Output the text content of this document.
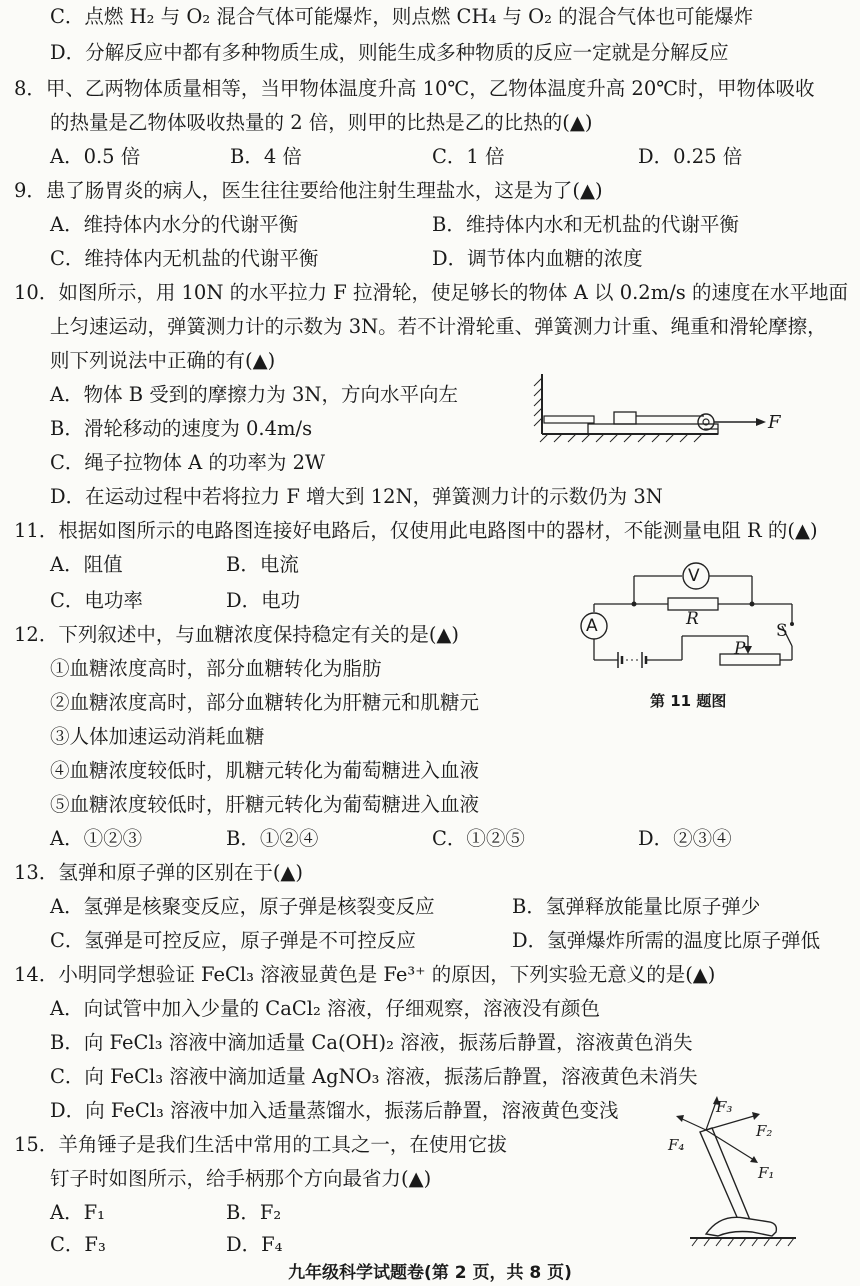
C．点燃 H₂ 与 O₂ 混合气体可能爆炸，则点燃 CH₄ 与 O₂ 的混合气体也可能爆炸
D．分解反应中都有多种物质生成，则能生成多种物质的反应一定就是分解反应
8．甲、乙两物体质量相等，当甲物体温度升高 10℃，乙物体温度升高 20℃时，甲物体吸收
的热量是乙物体吸收热量的 2 倍，则甲的比热是乙的比热的(▲)
A．0.5 倍	B．4 倍	C．1 倍	D．0.25 倍
9．患了肠胃炎的病人，医生往往要给他注射生理盐水，这是为了(▲)
A．维持体内水分的代谢平衡	B．维持体内水和无机盐的代谢平衡
C．维持体内无机盐的代谢平衡	D．调节体内血糖的浓度
10．如图所示，用 10N 的水平拉力 F 拉滑轮，使足够长的物体 A 以 0.2m/s 的速度在水平地面
上匀速运动，弹簧测力计的示数为 3N。若不计滑轮重、弹簧测力计重、绳重和滑轮摩擦，
则下列说法中正确的有(▲)
A．物体 B 受到的摩擦力为 3N，方向水平向左
B．滑轮移动的速度为 0.4m/s
C．绳子拉物体 A 的功率为 2W
D．在运动过程中若将拉力 F 增大到 12N，弹簧测力计的示数仍为 3N
F
11．根据如图所示的电路图连接好电路后，仅使用此电路图中的器材，不能测量电阻 R 的(▲)
A．阻值	B．电流
C．电功率	D．电功
V
A	R
P
S
第 11 题图
12．下列叙述中，与血糖浓度保持稳定有关的是(▲)
①血糖浓度高时，部分血糖转化为脂肪
②血糖浓度高时，部分血糖转化为肝糖元和肌糖元
③人体加速运动消耗血糖
④血糖浓度较低时，肌糖元转化为葡萄糖进入血液
⑤血糖浓度较低时，肝糖元转化为葡萄糖进入血液
A．①②③	B．①②④	C．①②⑤	D．②③④
13．氢弹和原子弹的区别在于(▲)
A．氢弹是核聚变反应，原子弹是核裂变反应	B．氢弹释放能量比原子弹少
C．氢弹是可控反应，原子弹是不可控反应	D．氢弹爆炸所需的温度比原子弹低
14．小明同学想验证 FeCl₃ 溶液显黄色是 Fe³⁺ 的原因，下列实验无意义的是(▲)
A．向试管中加入少量的 CaCl₂ 溶液，仔细观察，溶液没有颜色
B．向 FeCl₃ 溶液中滴加适量 Ca(OH)₂ 溶液，振荡后静置，溶液黄色消失
C．向 FeCl₃ 溶液中滴加适量 AgNO₃ 溶液，振荡后静置，溶液黄色未消失
D．向 FeCl₃ 溶液中加入适量蒸馏水，振荡后静置，溶液黄色变浅
15．羊角锤子是我们生活中常用的工具之一，在使用它拔
钉子时如图所示，给手柄那个方向最省力(▲)
A．F₁	B．F₂
C．F₃	D．F₄
F₃
F₂
F₁
F₄
九年级科学试题卷(第 2 页，共 8 页)
